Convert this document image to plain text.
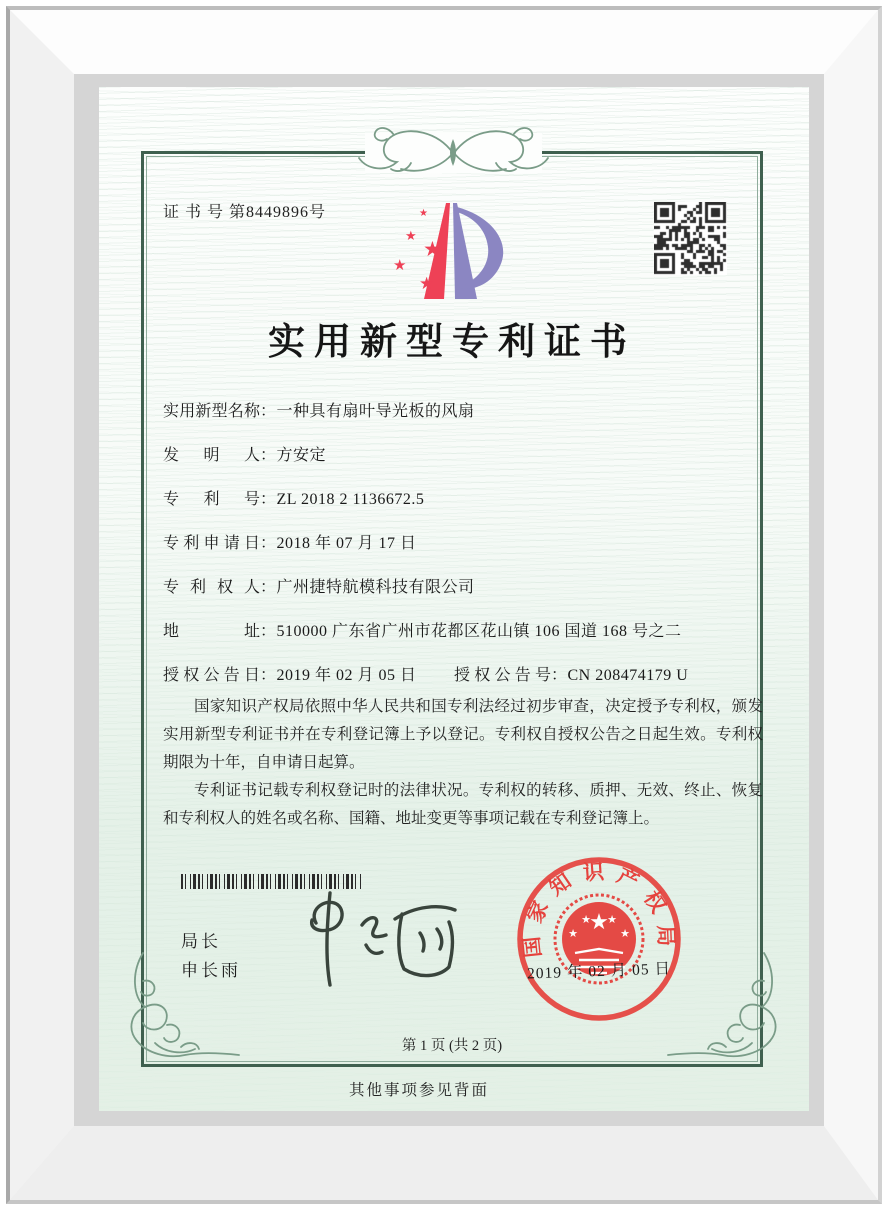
证 书 号 第8449896号	★
★
★
★
★
实用新型专利证书
实用新型名称：一种具有扇叶导光板的风扇
发明人：方安定
专利号：ZL 2018 2 1136672.5
专利申请日：2018 年 07 月 17 日
专利权人：广州捷特航模科技有限公司
地址：510000 广东省广州市花都区花山镇 106 国道 168 号之二
授权公告日：2019 年 02 月 05 日 授权公告号：CN 208474179 U

国家知识产权局依照中华人民共和国专利法经过初步审查，决定授予专利权，颁发实用新型专利证书并在专利登记簿上予以登记。专利权自授权公告之日起生效。专利权期限为十年，自申请日起算。

专利证书记载专利权登记时的法律状况。专利权的转移、质押、无效、终止、恢复和专利权人的姓名或名称、国籍、地址变更等事项记载在专利登记簿上。

局长
申长雨
国家知识产权局
★
★
★ ★
★
2019 年 02 月 05 日
第 1 页 (共 2 页)
其他事项参见背面
